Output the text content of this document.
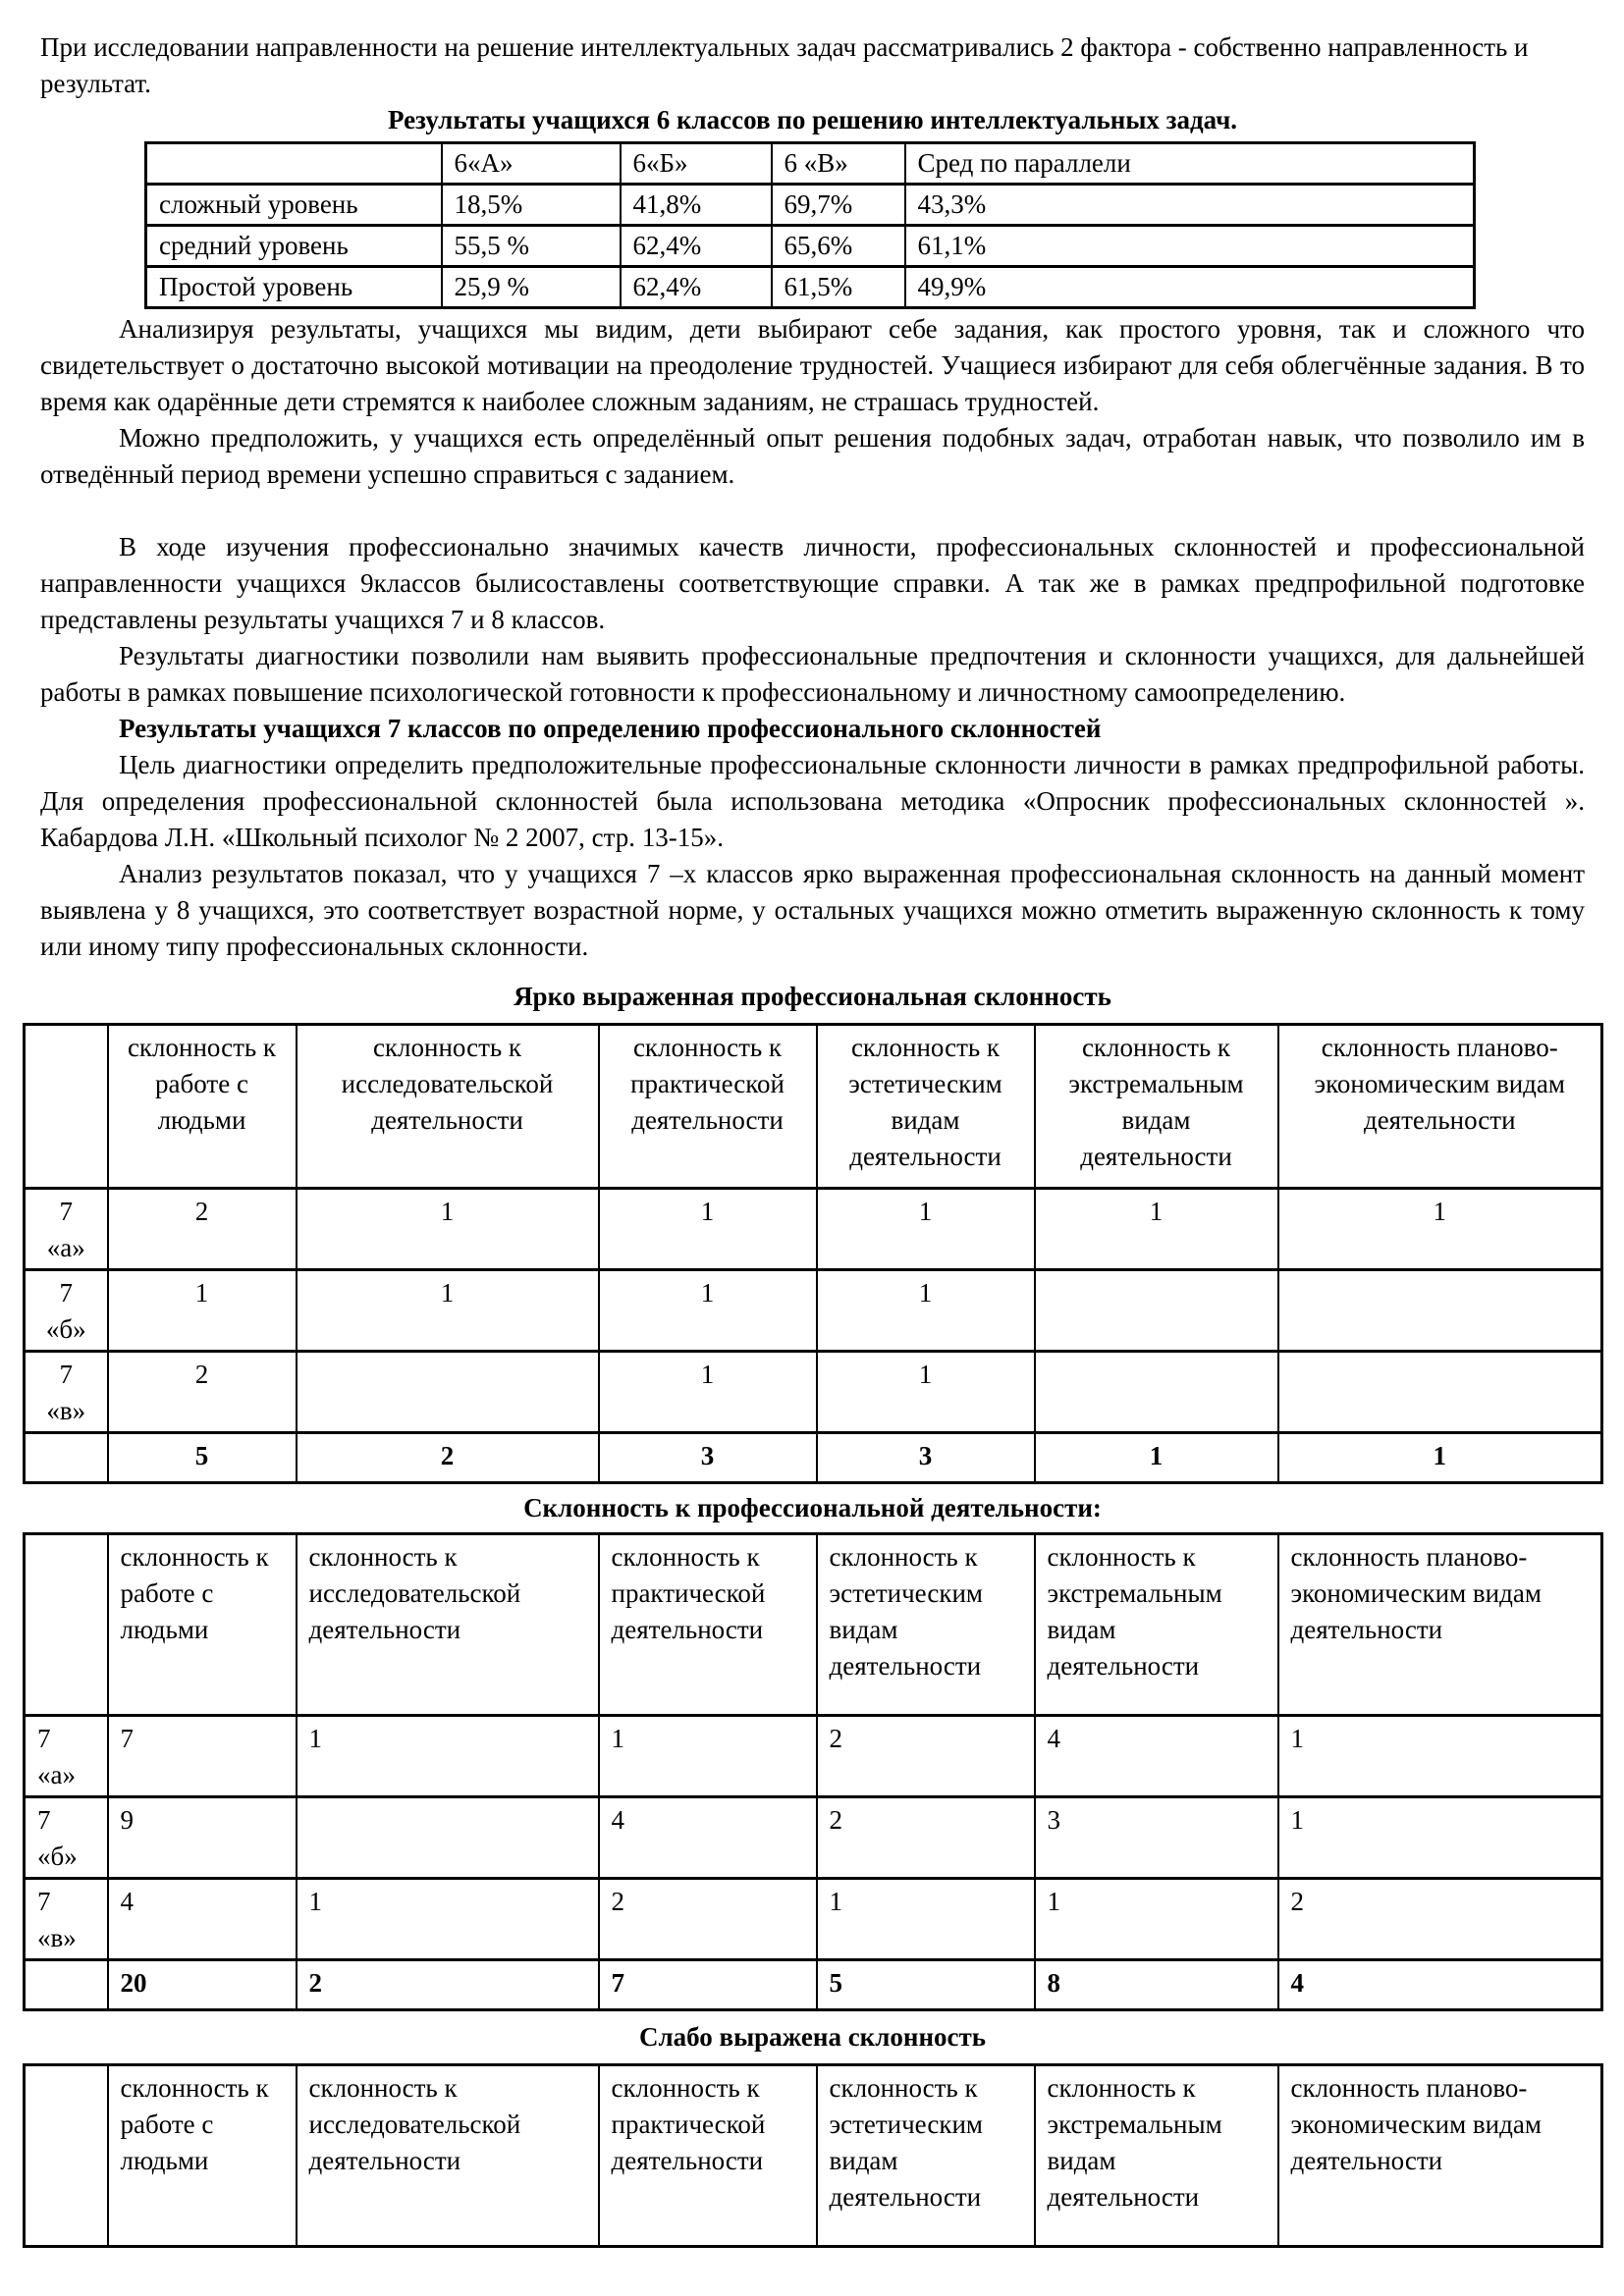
При исследовании направленности на решение интеллектуальных задач рассматривались 2 фактора - собственно направленность и результат.

Результаты учащихся 6 классов по решению интеллектуальных задач.
	6«А»	6«Б»	6 «В»	Сред по параллели
сложный уровень	18,5%	41,8%	69,7%	43,3%
средний уровень	55,5 %	62,4%	65,6%	61,1%
Простой уровень	25,9 %	62,4%	61,5%	49,9%

Анализируя результаты, учащихся мы видим, дети выбирают себе задания, как простого уровня, так и сложного что свидетельствует о достаточно высокой мотивации на преодоление трудностей. Учащиеся избирают для себя облегчённые задания. В то время как одарённые дети стремятся к наиболее сложным заданиям, не страшась трудностей.

Можно предположить, у учащихся есть определённый опыт решения подобных задач, отработан навык, что позволило им в отведённый период времени успешно справиться с заданием.

В ходе изучения профессионально значимых качеств личности, профессиональных склонностей и профессиональной направленности учащихся 9классов былисоставлены соответствующие справки. А так же в рамках предпрофильной подготовке представлены результаты учащихся 7 и 8 классов.

Результаты диагностики позволили нам выявить профессиональные предпочтения и склонности учащихся, для дальнейшей работы в рамках повышение психологической готовности к профессиональному и личностному самоопределению.

Результаты учащихся 7 классов по определению профессионального склонностей

Цель диагностики определить предположительные профессиональные склонности личности в рамках предпрофильной работы. Для определения профессиональной склонностей была использована методика «Опросник профессиональных склонностей ». Кабардова Л.Н. «Школьный психолог № 2 2007, стр. 13-15».

Анализ результатов показал, что у учащихся 7 –х классов ярко выраженная профессиональная склонность на данный момент выявлена у 8 учащихся, это соответствует возрастной норме, у остальных учащихся можно отметить выраженную склонность к тому или иному типу профессиональных склонности.

Ярко выраженная профессиональная склонность
	склонность к работе с людьми	склонность к исследовательской деятельности	склонность к практической деятельности	склонность к эстетическим видам деятельности	склонность к экстремальным видам деятельности	склонность планово-экономическим видам деятельности

7
«а»	2	1	1	1	1	1

7
«б»	1	1	1	1		

7
«в»	2		1	1		
	5	2	3	3	1	1
Склонность к профессиональной деятельности:
	склонность к работе с людьми	склонность к исследовательской деятельности	склонность к практической деятельности	склонность к эстетическим видам деятельности	склонность к экстремальным видам деятельности	склонность планово-экономическим видам деятельности

7
«а»	7	1	1	2	4	1

7
«б»	9		4	2	3	1

7
«в»	4	1	2	1	1	2
	20	2	7	5	8	4
Слабо выражена склонность
	склонность к работе с людьми	склонность к исследовательской деятельности	склонность к практической деятельности	склонность к эстетическим видам деятельности	склонность к экстремальным видам деятельности	склонность планово-экономическим видам деятельности
